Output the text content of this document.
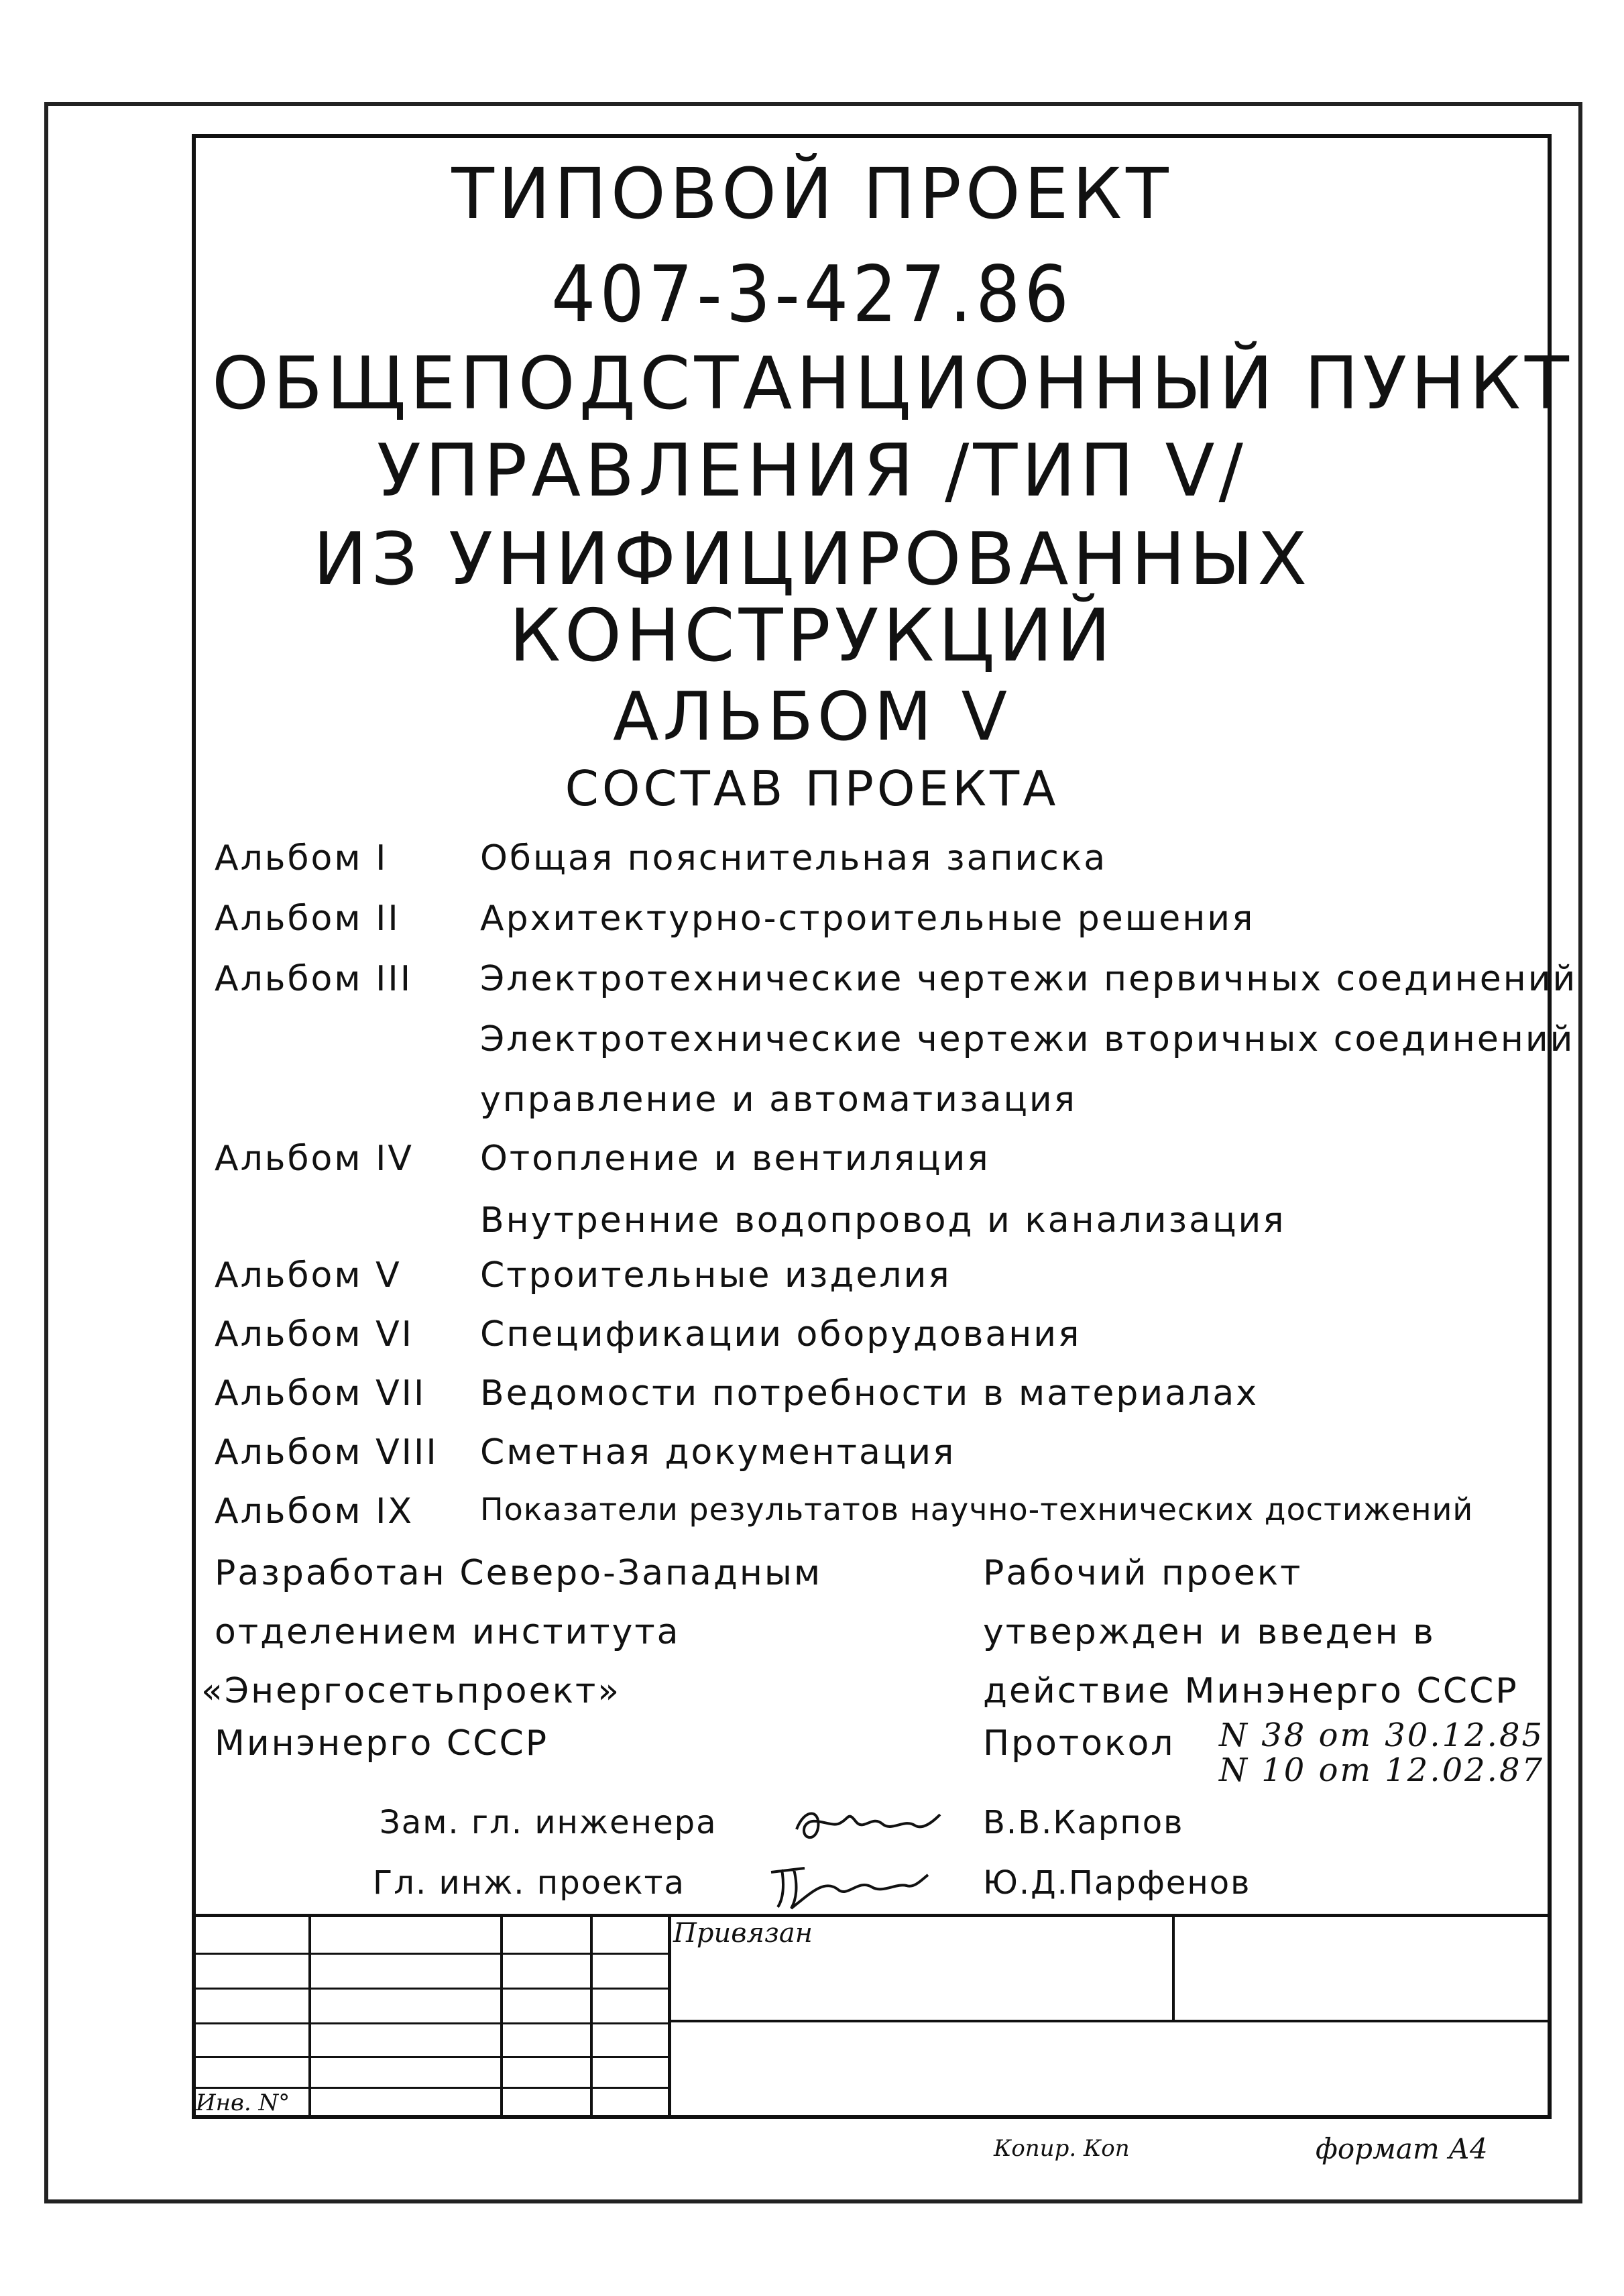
ТИПОВОЙ ПРОЕКТ
407-3-427.86
ОБЩЕПОДСТАНЦИОННЫЙ ПУНКТ
УПРАВЛЕНИЯ /ТИП V/
ИЗ УНИФИЦИРОВАННЫХ
КОНСТРУКЦИЙ
АЛЬБОМ V
СОСТАВ ПРОЕКТА
Альбом I	Общая пояснительная записка
Альбом II Архитектурно-строительные решения
Альбом III Электротехнические чертежи первичных соединений
Электротехнические чертежи вторичных соединений
управление и автоматизация
Альбом IV Отопление и вентиляция
Внутренние водопровод и канализация
Альбом V Строительные изделия
Альбом VI Спецификации оборудования
Альбом VII Ведомости потребности в материалах
Альбом VIII Сметная документация
Альбом IX Показатели результатов научно-технических достижений
Разработан Северо-Западным
отделением института
«Энергосетьпроект»
Минэнерго СССР
Рабочий проект
утвержден и введен в
действие Минэнерго СССР
Протокол N 38 от 30.12.85
N 10 от 12.02.87
Зам. гл. инженера	В.В.Карпов
Гл. инж. проекта	Ю.Д.Парфенов
Привязан
Инв. N°
Копир. Коп	формат А4
